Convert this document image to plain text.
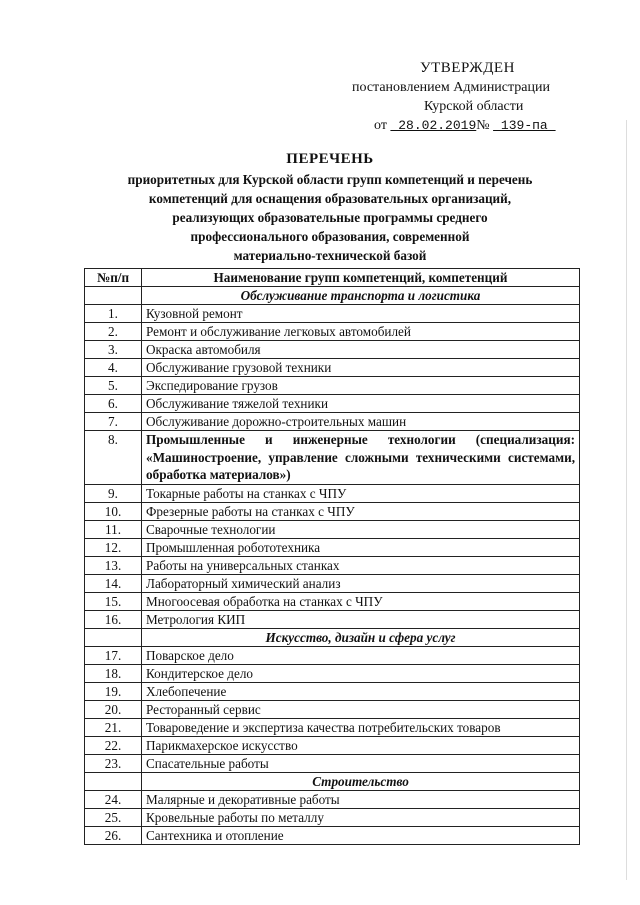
УТВЕРЖДЕН
постановлением Администрации
Курской области
от _28.02.2019№ _139-па_
ПЕРЕЧЕНЬ
приоритетных для Курской области групп компетенций и перечень
компетенций для оснащения образовательных организаций,
реализующих образовательные программы среднего
профессионального образования, современной
материально-технической базой
№п/п	Наименование групп компетенций, компетенций
	Обслуживание транспорта и логистика
1.	Кузовной ремонт
2.	Ремонт и обслуживание легковых автомобилей
3.	Окраска автомобиля
4.	Обслуживание грузовой техники
5.	Экспедирование грузов
6.	Обслуживание тяжелой техники
7.	Обслуживание дорожно-строительных машин
8.	Промышленные и инженерные технологии (специализация: «Машиностроение, управление сложными техническими системами, обработка материалов»)
9.	Токарные работы на станках с ЧПУ
10.	Фрезерные работы на станках с ЧПУ
11.	Сварочные технологии
12.	Промышленная робототехника
13.	Работы на универсальных станках
14.	Лабораторный химический анализ
15.	Многоосевая обработка на станках с ЧПУ
16.	Метрология КИП
	Искусство, дизайн и сфера услуг
17.	Поварское дело
18.	Кондитерское дело
19.	Хлебопечение
20.	Ресторанный сервис
21.	Товароведение и экспертиза качества потребительских товаров
22.	Парикмахерское искусство
23.	Спасательные работы
	Строительство
24.	Малярные и декоративные работы
25.	Кровельные работы по металлу
26.	Сантехника и отопление
